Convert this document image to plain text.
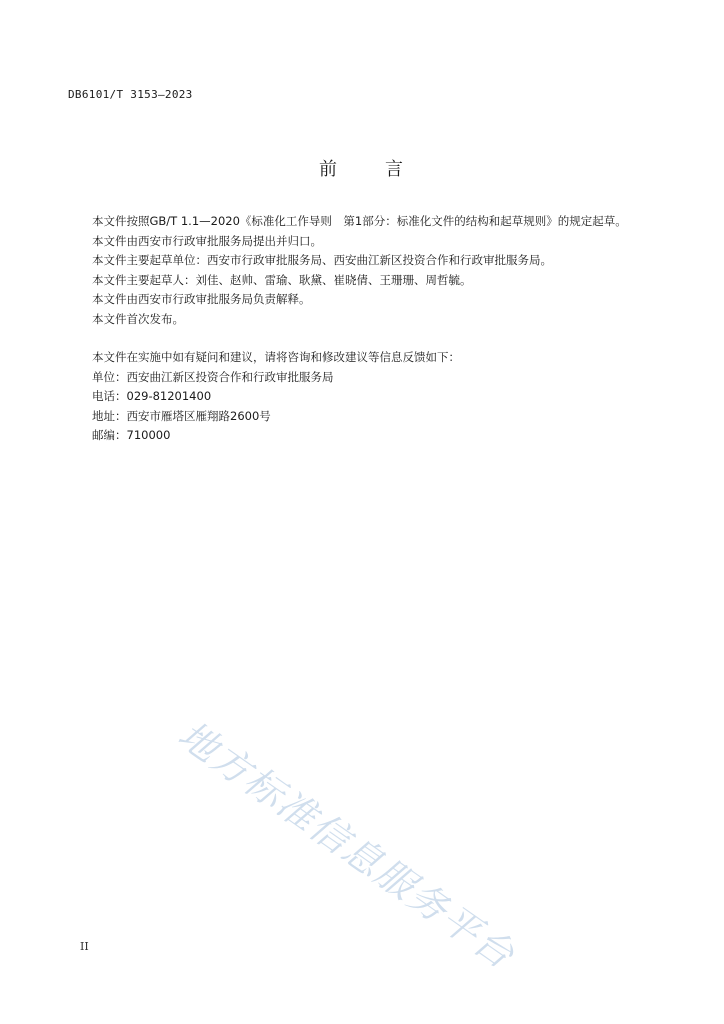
DB6101/T 3153—2023
前	言

本文件按照GB/T 1.1—2020《标准化工作导则　第1部分：标准化文件的结构和起草规则》的规定起草。

本文件由西安市行政审批服务局提出并归口。

本文件主要起草单位：西安市行政审批服务局、西安曲江新区投资合作和行政审批服务局。

本文件主要起草人：刘佳、赵帅、雷瑜、耿黛、崔晓倩、王珊珊、周哲毓。

本文件由西安市行政审批服务局负责解释。

本文件首次发布。

本文件在实施中如有疑问和建议，请将咨询和修改建议等信息反馈如下：

单位：西安曲江新区投资合作和行政审批服务局

电话：029-81201400

地址：西安市雁塔区雁翔路2600号

邮编：710000

地方标准信息服务平台
II
